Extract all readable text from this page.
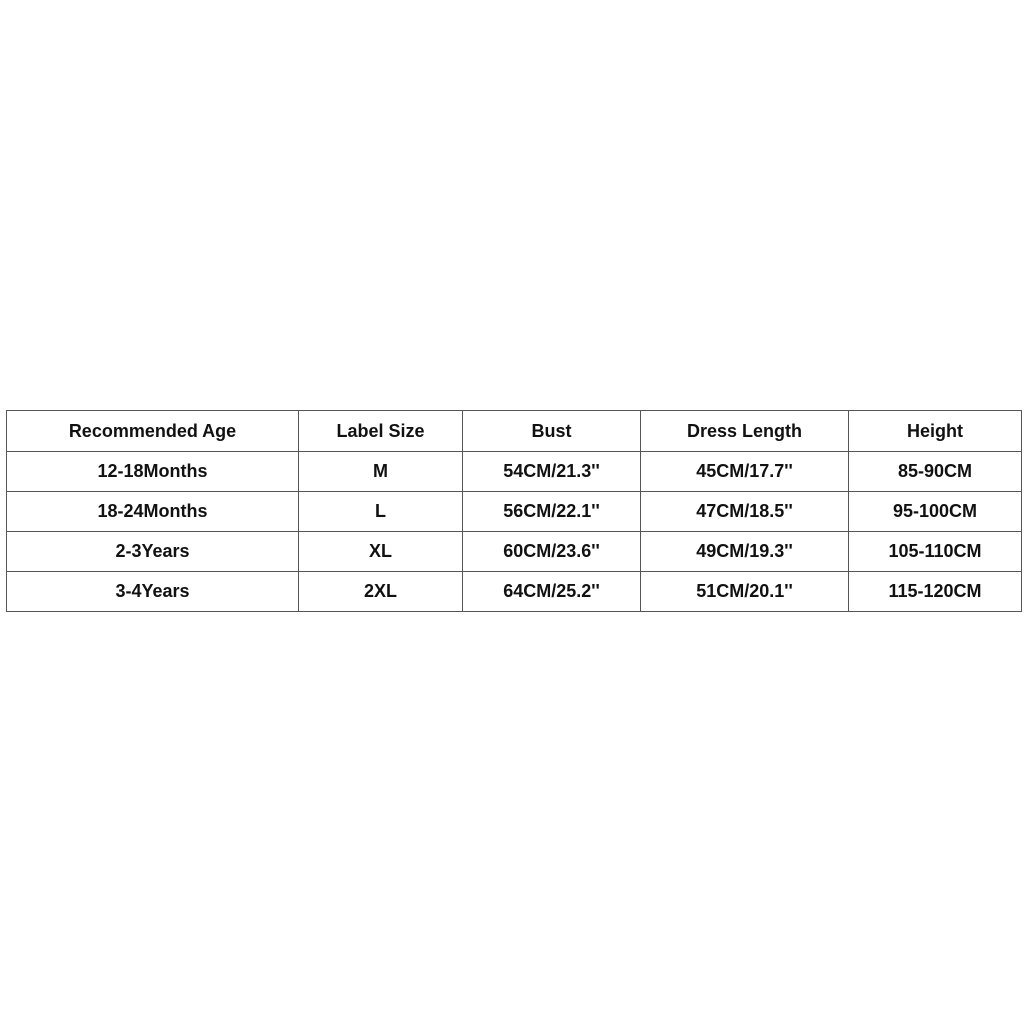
Recommended Age	Label Size	Bust	Dress Length	Height
12-18Months	M	54CM/21.3''	45CM/17.7''	85-90CM
18-24Months	L	56CM/22.1''	47CM/18.5''	95-100CM
2-3Years	XL	60CM/23.6''	49CM/19.3''	105-110CM
3-4Years	2XL	64CM/25.2''	51CM/20.1''	115-120CM
